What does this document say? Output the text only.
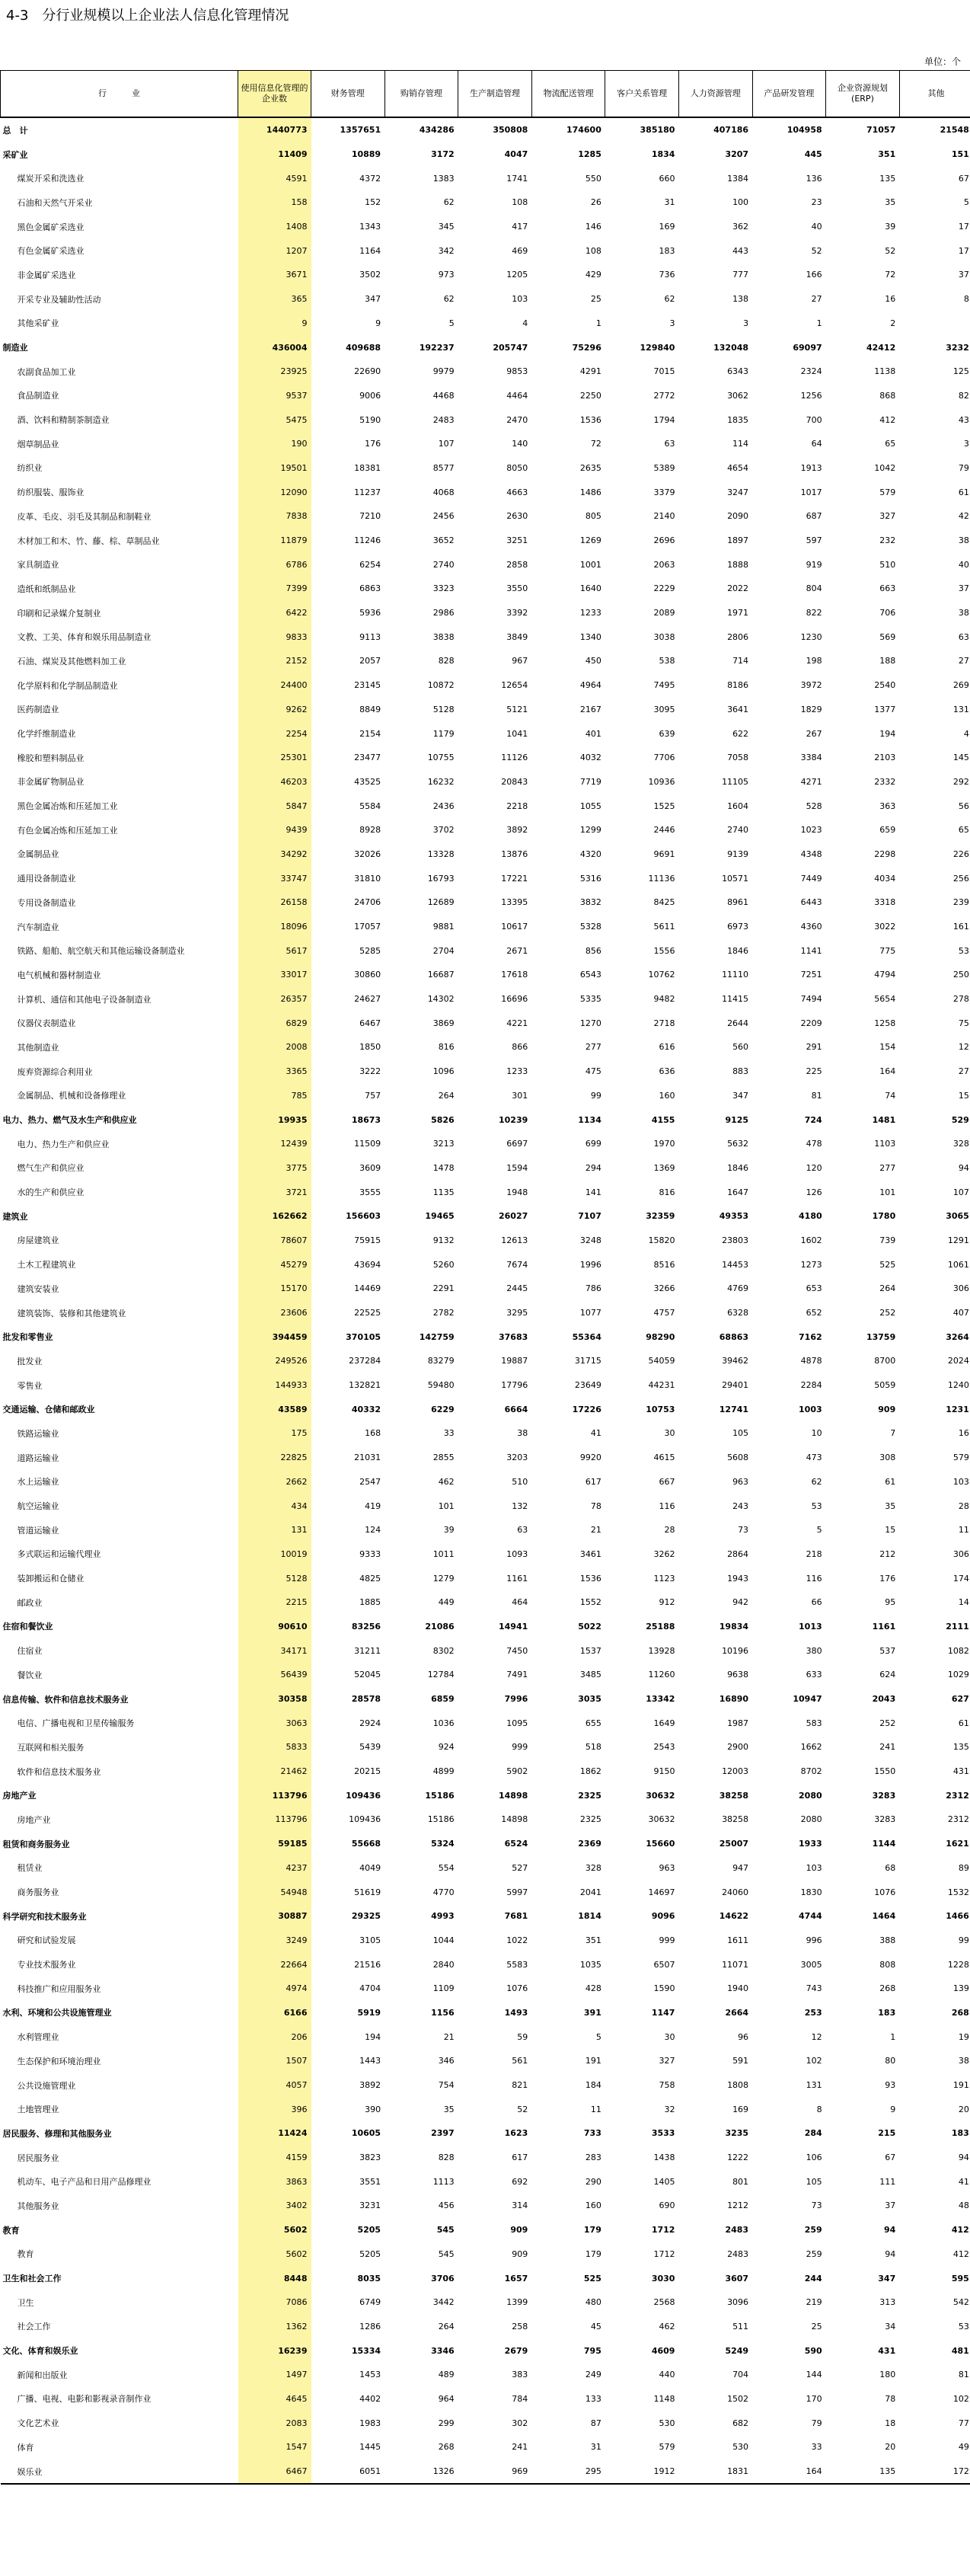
4-3　分行业规模以上企业法人信息化管理情况
单位：个
行　　　业	使用信息化管理的企业数	财务管理	购销存管理	生产制造管理	物流配送管理	客户关系管理	人力资源管理	产品研发管理	企业资源规划(ERP)	其他
总　计	1440773	1357651	434286	350808	174600	385180	407186	104958	71057	21548
采矿业	11409	10889	3172	4047	1285	1834	3207	445	351	151
煤炭开采和洗选业	4591	4372	1383	1741	550	660	1384	136	135	67
石油和天然气开采业	158	152	62	108	26	31	100	23	35	5
黑色金属矿采选业	1408	1343	345	417	146	169	362	40	39	17
有色金属矿采选业	1207	1164	342	469	108	183	443	52	52	17
非金属矿采选业	3671	3502	973	1205	429	736	777	166	72	37
开采专业及辅助性活动	365	347	62	103	25	62	138	27	16	8
其他采矿业	9	9	5	4	1	3	3	1	2	
制造业	436004	409688	192237	205747	75296	129840	132048	69097	42412	3232
农副食品加工业	23925	22690	9979	9853	4291	7015	6343	2324	1138	125
食品制造业	9537	9006	4468	4464	2250	2772	3062	1256	868	82
酒、饮料和精制茶制造业	5475	5190	2483	2470	1536	1794	1835	700	412	43
烟草制品业	190	176	107	140	72	63	114	64	65	3
纺织业	19501	18381	8577	8050	2635	5389	4654	1913	1042	79
纺织服装、服饰业	12090	11237	4068	4663	1486	3379	3247	1017	579	61
皮革、毛皮、羽毛及其制品和制鞋业	7838	7210	2456	2630	805	2140	2090	687	327	42
木材加工和木、竹、藤、棕、草制品业	11879	11246	3652	3251	1269	2696	1897	597	232	38
家具制造业	6786	6254	2740	2858	1001	2063	1888	919	510	40
造纸和纸制品业	7399	6863	3323	3550	1640	2229	2022	804	663	37
印刷和记录媒介复制业	6422	5936	2986	3392	1233	2089	1971	822	706	38
文教、工美、体育和娱乐用品制造业	9833	9113	3838	3849	1340	3038	2806	1230	569	63
石油、煤炭及其他燃料加工业	2152	2057	828	967	450	538	714	198	188	27
化学原料和化学制品制造业	24400	23145	10872	12654	4964	7495	8186	3972	2540	269
医药制造业	9262	8849	5128	5121	2167	3095	3641	1829	1377	131
化学纤维制造业	2254	2154	1179	1041	401	639	622	267	194	4
橡胶和塑料制品业	25301	23477	10755	11126	4032	7706	7058	3384	2103	145
非金属矿物制品业	46203	43525	16232	20843	7719	10936	11105	4271	2332	292
黑色金属冶炼和压延加工业	5847	5584	2436	2218	1055	1525	1604	528	363	56
有色金属冶炼和压延加工业	9439	8928	3702	3892	1299	2446	2740	1023	659	65
金属制品业	34292	32026	13328	13876	4320	9691	9139	4348	2298	226
通用设备制造业	33747	31810	16793	17221	5316	11136	10571	7449	4034	256
专用设备制造业	26158	24706	12689	13395	3832	8425	8961	6443	3318	239
汽车制造业	18096	17057	9881	10617	5328	5611	6973	4360	3022	161
铁路、船舶、航空航天和其他运输设备制造业	5617	5285	2704	2671	856	1556	1846	1141	775	53
电气机械和器材制造业	33017	30860	16687	17618	6543	10762	11110	7251	4794	250
计算机、通信和其他电子设备制造业	26357	24627	14302	16696	5335	9482	11415	7494	5654	278
仪器仪表制造业	6829	6467	3869	4221	1270	2718	2644	2209	1258	75
其他制造业	2008	1850	816	866	277	616	560	291	154	12
废弃资源综合利用业	3365	3222	1096	1233	475	636	883	225	164	27
金属制品、机械和设备修理业	785	757	264	301	99	160	347	81	74	15
电力、热力、燃气及水生产和供应业	19935	18673	5826	10239	1134	4155	9125	724	1481	529
电力、热力生产和供应业	12439	11509	3213	6697	699	1970	5632	478	1103	328
燃气生产和供应业	3775	3609	1478	1594	294	1369	1846	120	277	94
水的生产和供应业	3721	3555	1135	1948	141	816	1647	126	101	107
建筑业	162662	156603	19465	26027	7107	32359	49353	4180	1780	3065
房屋建筑业	78607	75915	9132	12613	3248	15820	23803	1602	739	1291
土木工程建筑业	45279	43694	5260	7674	1996	8516	14453	1273	525	1061
建筑安装业	15170	14469	2291	2445	786	3266	4769	653	264	306
建筑装饰、装修和其他建筑业	23606	22525	2782	3295	1077	4757	6328	652	252	407
批发和零售业	394459	370105	142759	37683	55364	98290	68863	7162	13759	3264
批发业	249526	237284	83279	19887	31715	54059	39462	4878	8700	2024
零售业	144933	132821	59480	17796	23649	44231	29401	2284	5059	1240
交通运输、仓储和邮政业	43589	40332	6229	6664	17226	10753	12741	1003	909	1231
铁路运输业	175	168	33	38	41	30	105	10	7	16
道路运输业	22825	21031	2855	3203	9920	4615	5608	473	308	579
水上运输业	2662	2547	462	510	617	667	963	62	61	103
航空运输业	434	419	101	132	78	116	243	53	35	28
管道运输业	131	124	39	63	21	28	73	5	15	11
多式联运和运输代理业	10019	9333	1011	1093	3461	3262	2864	218	212	306
装卸搬运和仓储业	5128	4825	1279	1161	1536	1123	1943	116	176	174
邮政业	2215	1885	449	464	1552	912	942	66	95	14
住宿和餐饮业	90610	83256	21086	14941	5022	25188	19834	1013	1161	2111
住宿业	34171	31211	8302	7450	1537	13928	10196	380	537	1082
餐饮业	56439	52045	12784	7491	3485	11260	9638	633	624	1029
信息传输、软件和信息技术服务业	30358	28578	6859	7996	3035	13342	16890	10947	2043	627
电信、广播电视和卫星传输服务	3063	2924	1036	1095	655	1649	1987	583	252	61
互联网和相关服务	5833	5439	924	999	518	2543	2900	1662	241	135
软件和信息技术服务业	21462	20215	4899	5902	1862	9150	12003	8702	1550	431
房地产业	113796	109436	15186	14898	2325	30632	38258	2080	3283	2312
房地产业	113796	109436	15186	14898	2325	30632	38258	2080	3283	2312
租赁和商务服务业	59185	55668	5324	6524	2369	15660	25007	1933	1144	1621
租赁业	4237	4049	554	527	328	963	947	103	68	89
商务服务业	54948	51619	4770	5997	2041	14697	24060	1830	1076	1532
科学研究和技术服务业	30887	29325	4993	7681	1814	9096	14622	4744	1464	1466
研究和试验发展	3249	3105	1044	1022	351	999	1611	996	388	99
专业技术服务业	22664	21516	2840	5583	1035	6507	11071	3005	808	1228
科技推广和应用服务业	4974	4704	1109	1076	428	1590	1940	743	268	139
水利、环境和公共设施管理业	6166	5919	1156	1493	391	1147	2664	253	183	268
水利管理业	206	194	21	59	5	30	96	12	1	19
生态保护和环境治理业	1507	1443	346	561	191	327	591	102	80	38
公共设施管理业	4057	3892	754	821	184	758	1808	131	93	191
土地管理业	396	390	35	52	11	32	169	8	9	20
居民服务、修理和其他服务业	11424	10605	2397	1623	733	3533	3235	284	215	183
居民服务业	4159	3823	828	617	283	1438	1222	106	67	94
机动车、电子产品和日用产品修理业	3863	3551	1113	692	290	1405	801	105	111	41
其他服务业	3402	3231	456	314	160	690	1212	73	37	48
教育	5602	5205	545	909	179	1712	2483	259	94	412
教育	5602	5205	545	909	179	1712	2483	259	94	412
卫生和社会工作	8448	8035	3706	1657	525	3030	3607	244	347	595
卫生	7086	6749	3442	1399	480	2568	3096	219	313	542
社会工作	1362	1286	264	258	45	462	511	25	34	53
文化、体育和娱乐业	16239	15334	3346	2679	795	4609	5249	590	431	481
新闻和出版业	1497	1453	489	383	249	440	704	144	180	81
广播、电视、电影和影视录音制作业	4645	4402	964	784	133	1148	1502	170	78	102
文化艺术业	2083	1983	299	302	87	530	682	79	18	77
体育	1547	1445	268	241	31	579	530	33	20	49
娱乐业	6467	6051	1326	969	295	1912	1831	164	135	172
